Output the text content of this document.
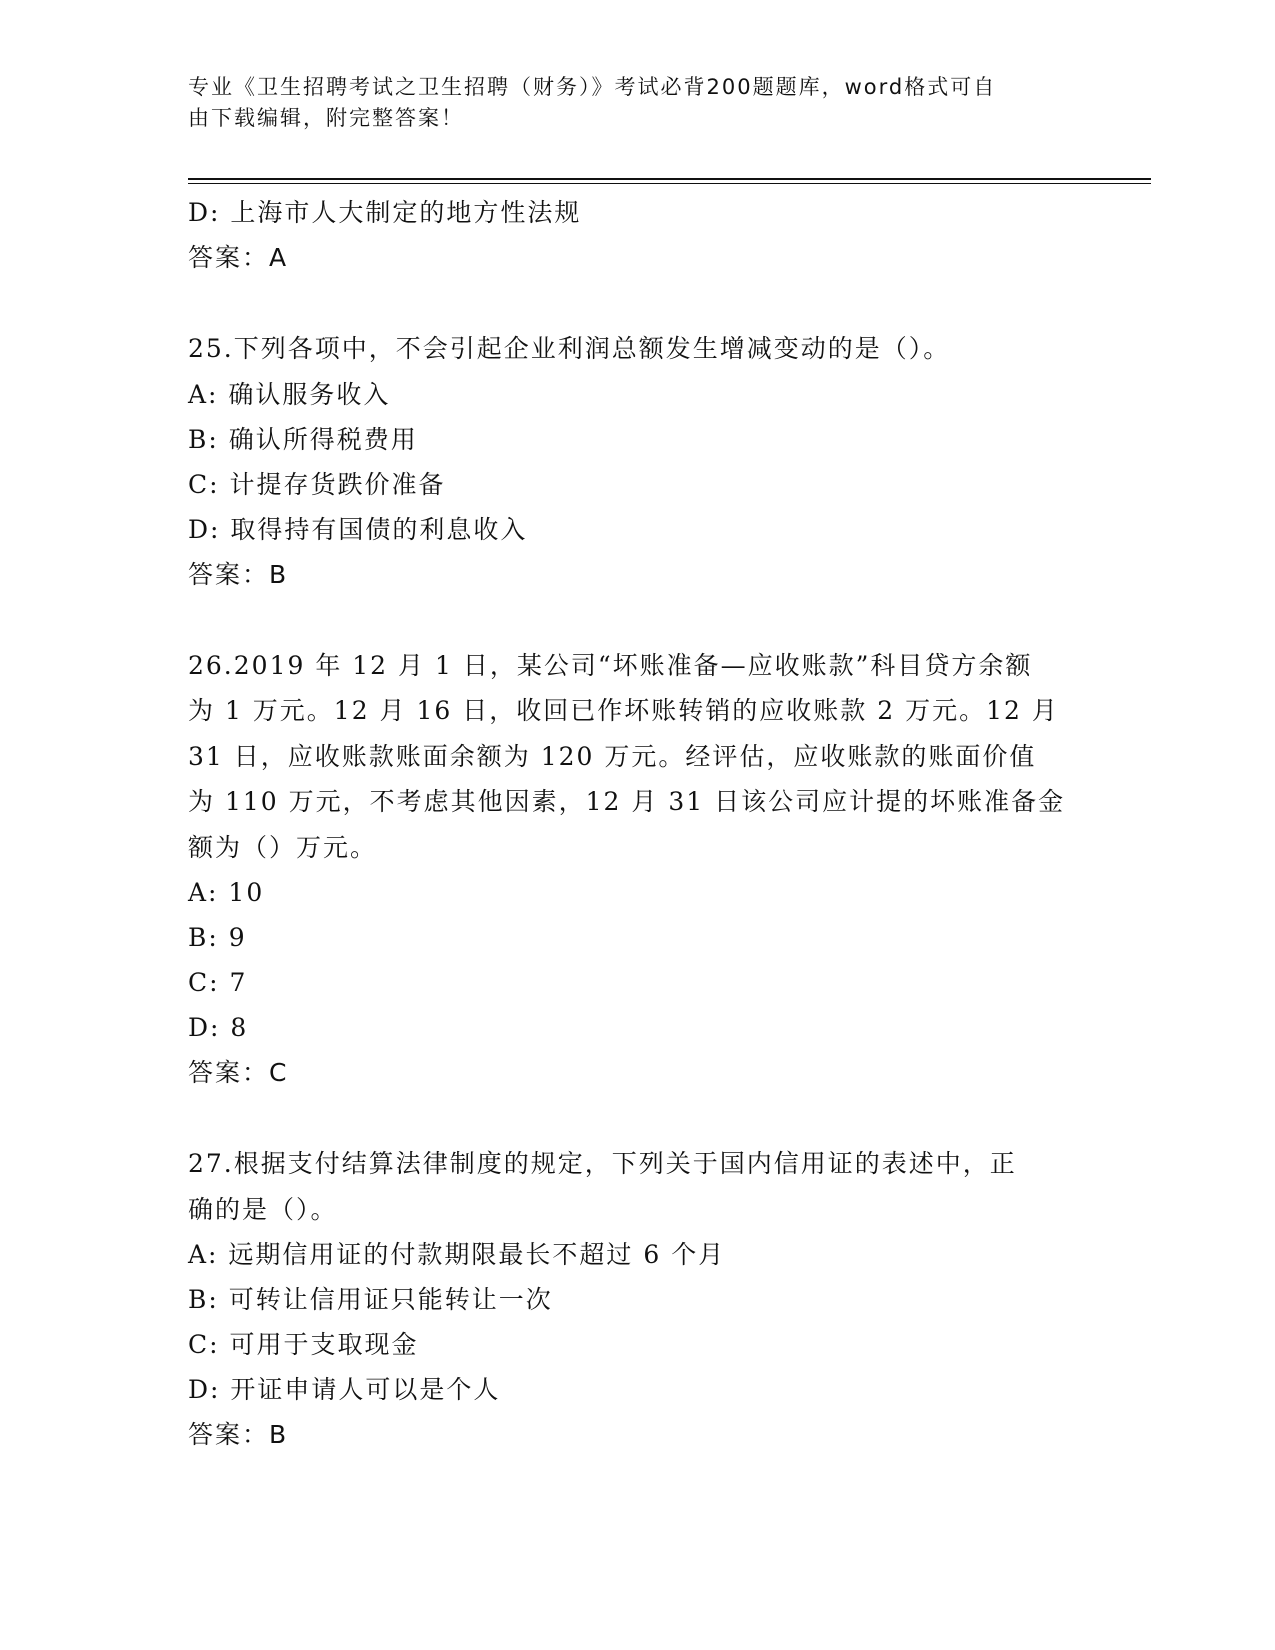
专业《卫生招聘考试之卫生招聘（财务）》考试必背200题题库，word格式可自
由下载编辑，附完整答案！
D: 上海市人大制定的地方性法规
答案：A
25.下列各项中，不会引起企业利润总额发生增减变动的是（）。
A: 确认服务收入
B: 确认所得税费用
C: 计提存货跌价准备
D: 取得持有国债的利息收入
答案：B
26.2019 年 12 月 1 日，某公司“坏账准备—应收账款”科目贷方余额
为 1 万元。12 月 16 日，收回已作坏账转销的应收账款 2 万元。12 月
31 日，应收账款账面余额为 120 万元。经评估，应收账款的账面价值
为 110 万元，不考虑其他因素，12 月 31 日该公司应计提的坏账准备金
额为（）万元。
A: 10
B: 9
C: 7
D: 8
答案：C
27.根据支付结算法律制度的规定，下列关于国内信用证的表述中，正
确的是（）。
A: 远期信用证的付款期限最长不超过 6 个月
B: 可转让信用证只能转让一次
C: 可用于支取现金
D: 开证申请人可以是个人
答案：B
